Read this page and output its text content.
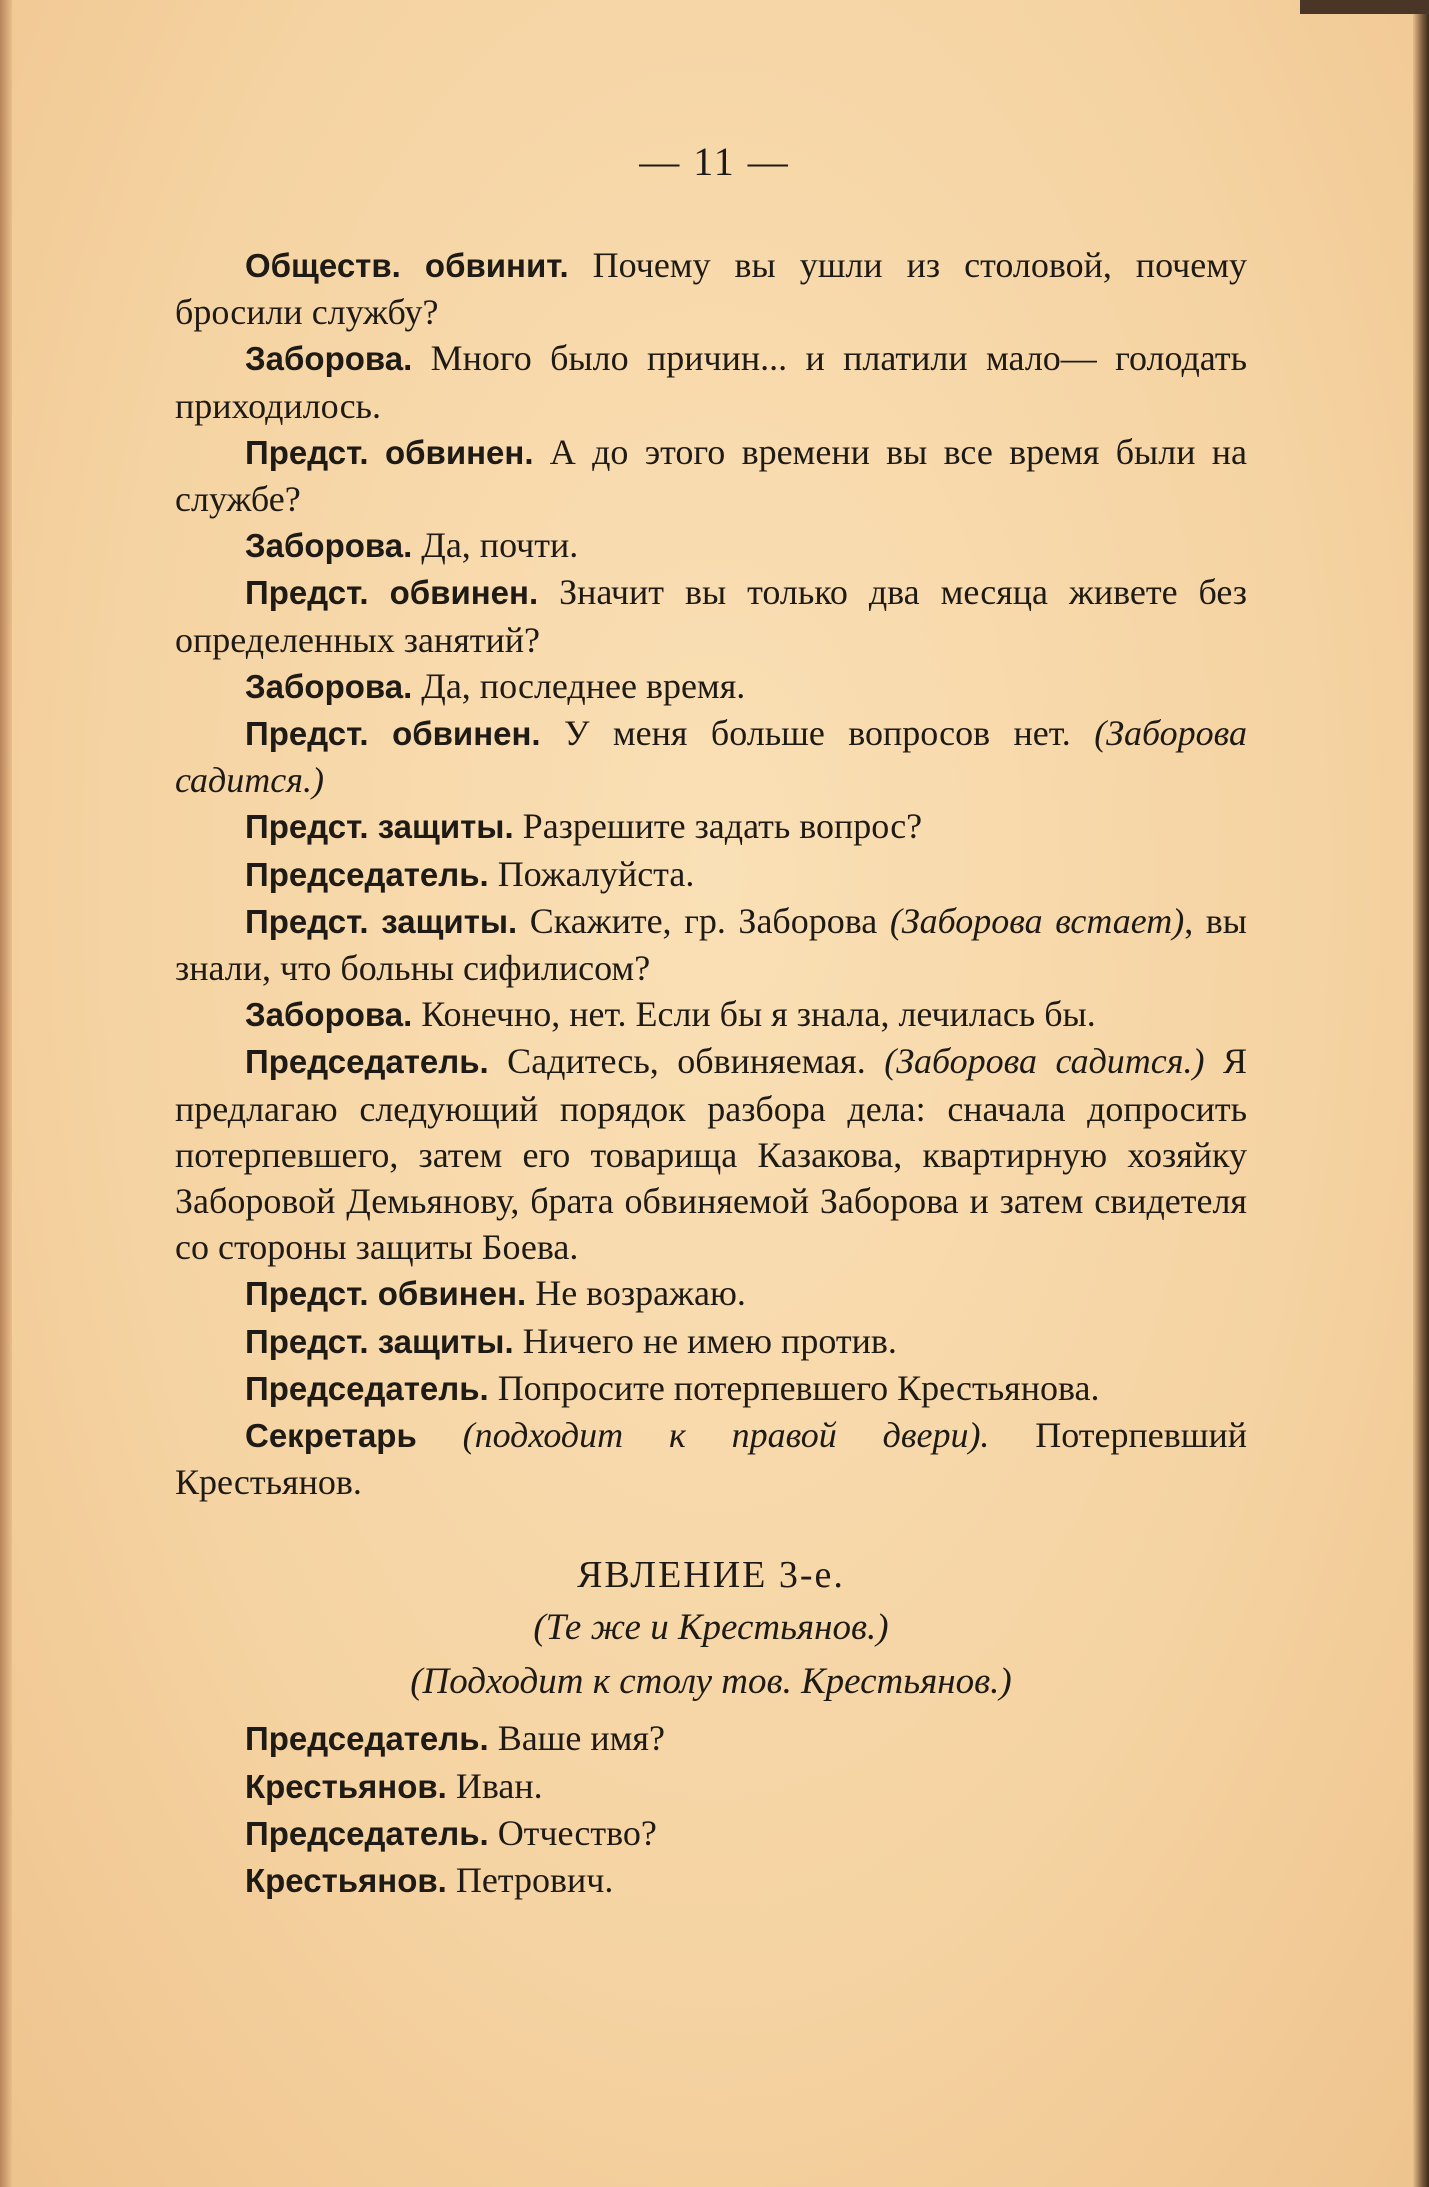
— 11 —

Обществ. обвинит. Почему вы ушли из столовой, почему бросили службу?

Заборова. Много было причин... и платили мало— голодать приходилось.

Предст. обвинен. А до этого времени вы все время были на службе?

Заборова. Да, почти.

Предст. обвинен. Значит вы только два месяца живете без определенных занятий?

Заборова. Да, последнее время.

Предст. обвинен. У меня больше вопросов нет. (Заборова садится.)

Предст. защиты. Разрешите задать вопрос?

Председатель. Пожалуйста.

Предст. защиты. Скажите, гр. Заборова (Заборова встает), вы знали, что больны сифилисом?

Заборова. Конечно, нет. Если бы я знала, лечилась бы.

Председатель. Садитесь, обвиняемая. (Заборова садится.) Я предлагаю следующий порядок разбора дела: сначала допросить потерпевшего, затем его товарища Казакова, квартирную хозяйку Заборовой Демьянову, брата обвиняемой Заборова и затем свидетеля со стороны защиты Боева.

Предст. обвинен. Не возражаю.

Предст. защиты. Ничего не имею против.

Председатель. Попросите потерпевшего Крестьянова.

Секретарь (подходит к правой двери). Потерпевший Крестьянов.

ЯВЛЕНИЕ 3-е.

(Те же и Крестьянов.)

(Подходит к столу тов. Крестьянов.)

Председатель. Ваше имя?

Крестьянов. Иван.

Председатель. Отчество?

Крестьянов. Петрович.
